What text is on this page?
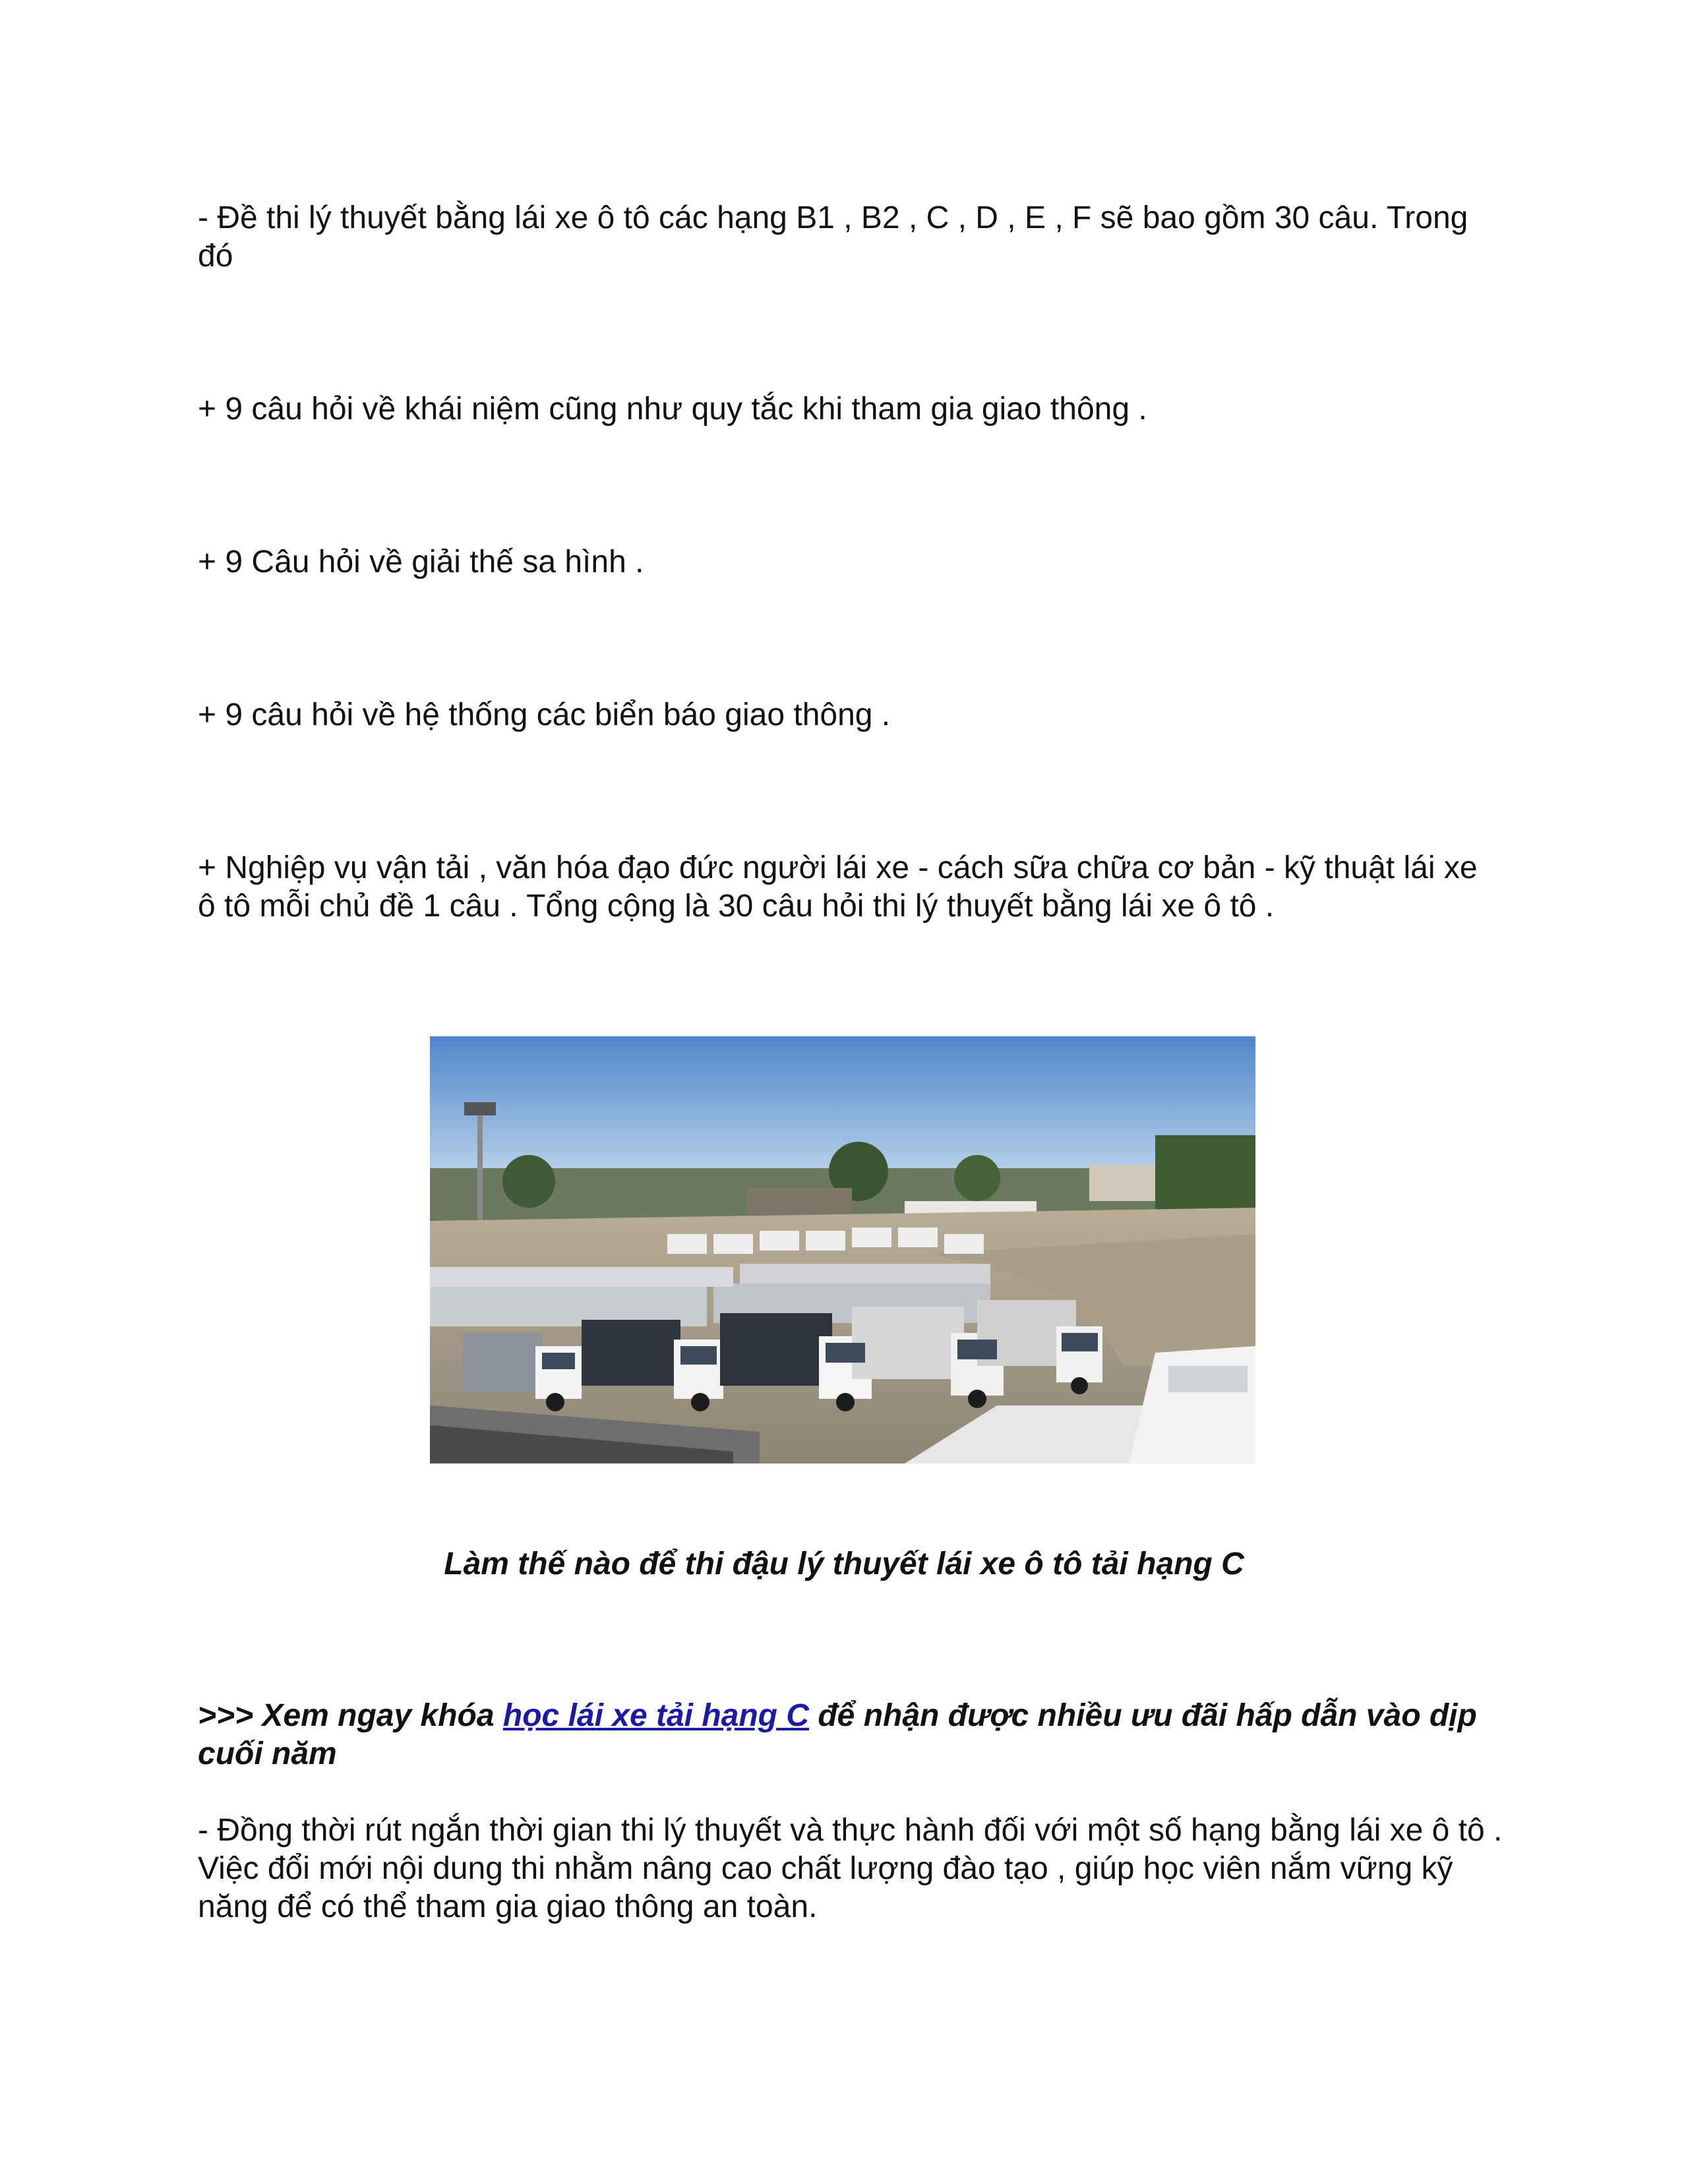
- Đề thi lý thuyết bằng lái xe ô tô các hạng B1 , B2 , C , D , E , F sẽ bao gồm 30 câu. Trong đó

+ 9 câu hỏi về khái niệm cũng như quy tắc khi tham gia giao thông .

+ 9 Câu hỏi về giải thế sa hình .

+ 9 câu hỏi về hệ thống các biển báo giao thông .

+ Nghiệp vụ vận tải , văn hóa đạo đức người lái xe - cách sữa chữa cơ bản - kỹ thuật lái xe ô tô mỗi chủ đề 1 câu . Tổng cộng là 30 câu hỏi thi lý thuyết bằng lái xe ô tô .

Làm thế nào để thi đậu lý thuyết lái xe ô tô tải hạng C

>>> Xem ngay khóa học lái xe tải hạng C để nhận được nhiều ưu đãi hấp dẫn vào dịp cuối năm

- Đồng thời rút ngắn thời gian thi lý thuyết và thực hành đối với một số hạng bằng lái xe ô tô . Việc đổi mới nội dung thi nhằm nâng cao chất lượng đào tạo , giúp học viên nắm vững kỹ năng để có thể tham gia giao thông an toàn.
